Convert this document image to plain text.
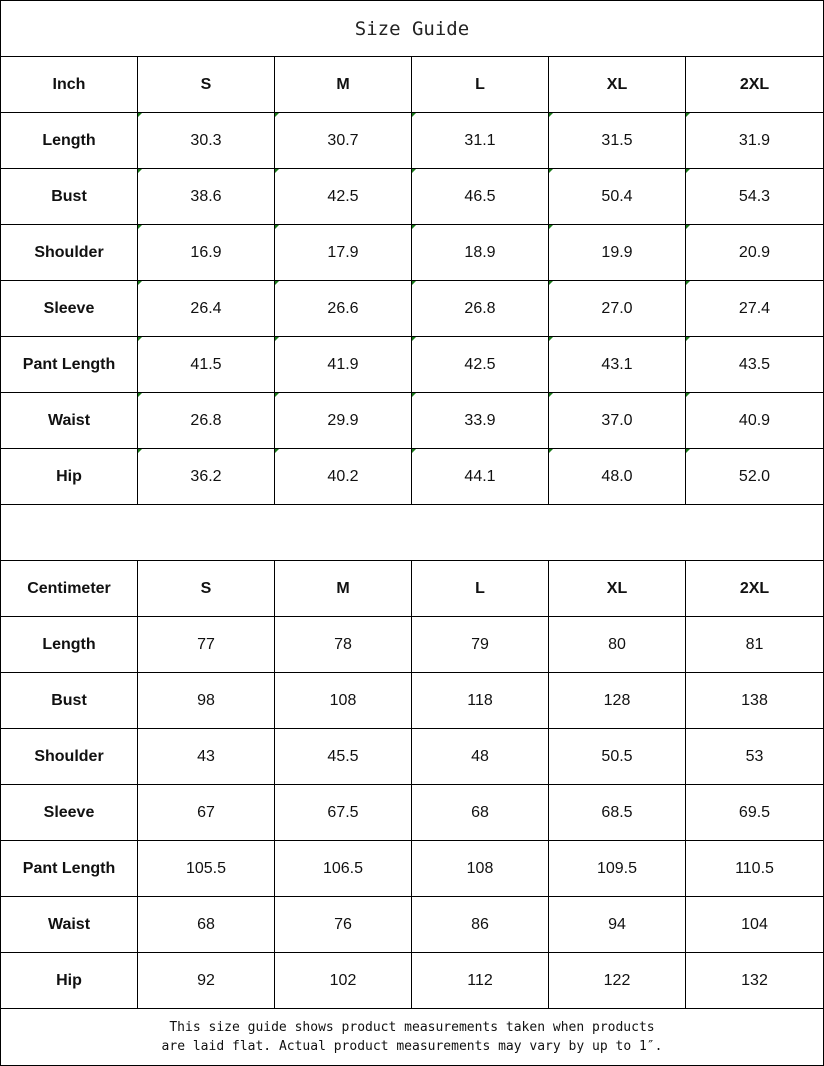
Size Guide
Inch	S	M	L	XL	2XL
Length	30.3	30.7	31.1	31.5	31.9
Bust	38.6	42.5	46.5	50.4	54.3
Shoulder	16.9	17.9	18.9	19.9	20.9
Sleeve	26.4	26.6	26.8	27.0	27.4
Pant Length	41.5	41.9	42.5	43.1	43.5
Waist	26.8	29.9	33.9	37.0	40.9
Hip	36.2	40.2	44.1	48.0	52.0
Centimeter	S	M	L	XL	2XL
Length	77	78	79	80	81
Bust	98	108	118	128	138
Shoulder	43	45.5	48	50.5	53
Sleeve	67	67.5	68	68.5	69.5
Pant Length	105.5	106.5	108	109.5	110.5
Waist	68	76	86	94	104
Hip	92	102	112	122	132
This size guide shows product measurements taken when products
are laid flat. Actual product measurements may vary by up to 1″.
